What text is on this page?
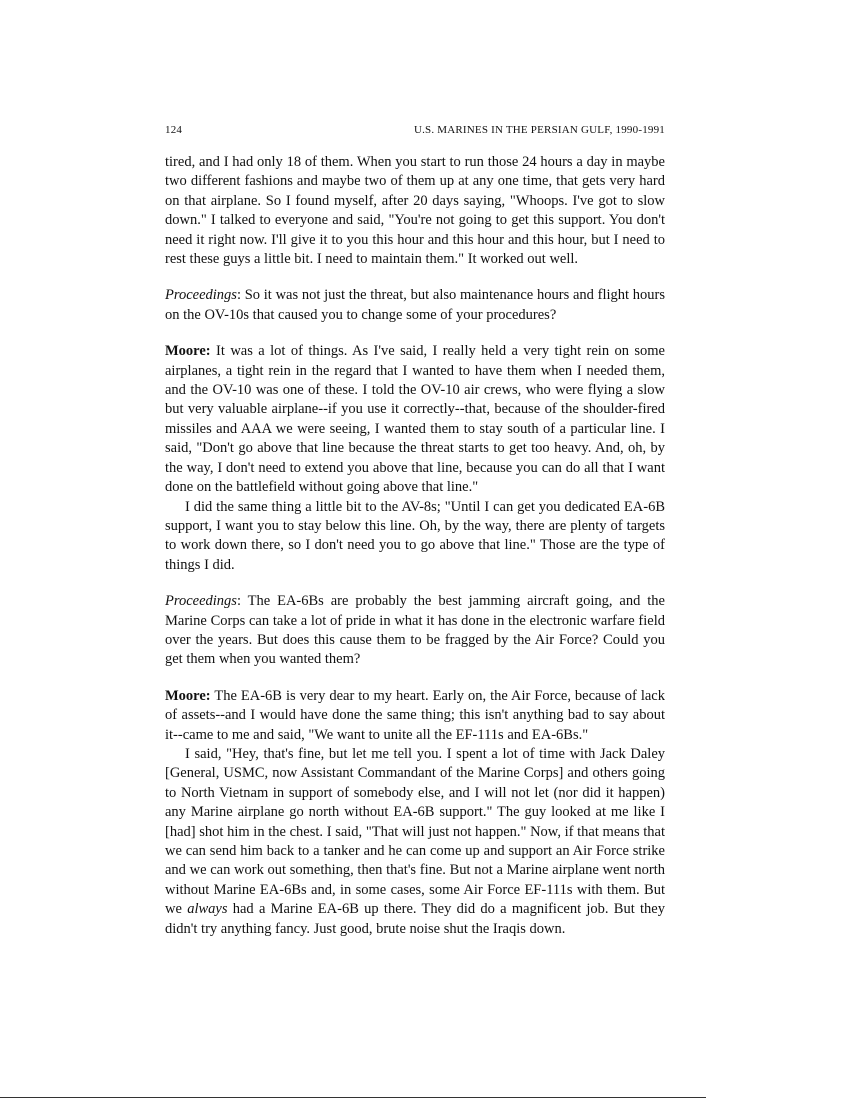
124	U.S. MARINES IN THE PERSIAN GULF, 1990-1991

tired, and I had only 18 of them. When you start to run those 24 hours a day in maybe two different fashions and maybe two of them up at any one time, that gets very hard on that airplane. So I found myself, after 20 days saying, "Whoops. I've got to slow down." I talked to everyone and said, "You're not going to get this support. You don't need it right now. I'll give it to you this hour and this hour and this hour, but I need to rest these guys a little bit. I need to maintain them." It worked out well.

Proceedings: So it was not just the threat, but also maintenance hours and flight hours on the OV-10s that caused you to change some of your procedures?

Moore: It was a lot of things. As I've said, I really held a very tight rein on some airplanes, a tight rein in the regard that I wanted to have them when I needed them, and the OV-10 was one of these. I told the OV-10 air crews, who were flying a slow but very valuable airplane--if you use it correctly--that, because of the shoulder-fired missiles and AAA we were seeing, I wanted them to stay south of a particular line. I said, "Don't go above that line because the threat starts to get too heavy. And, oh, by the way, I don't need to extend you above that line, because you can do all that I want done on the battlefield without going above that line."

I did the same thing a little bit to the AV-8s; "Until I can get you dedicated EA-6B support, I want you to stay below this line. Oh, by the way, there are plenty of targets to work down there, so I don't need you to go above that line." Those are the type of things I did.

Proceedings: The EA-6Bs are probably the best jamming aircraft going, and the Marine Corps can take a lot of pride in what it has done in the electronic warfare field over the years. But does this cause them to be fragged by the Air Force? Could you get them when you wanted them?

Moore: The EA-6B is very dear to my heart. Early on, the Air Force, because of lack of assets--and I would have done the same thing; this isn't anything bad to say about it--came to me and said, "We want to unite all the EF-111s and EA-6Bs."

I said, "Hey, that's fine, but let me tell you. I spent a lot of time with Jack Daley [General, USMC, now Assistant Commandant of the Marine Corps] and others going to North Vietnam in support of somebody else, and I will not let (nor did it happen) any Marine airplane go north without EA-6B support." The guy looked at me like I [had] shot him in the chest. I said, "That will just not happen." Now, if that means that we can send him back to a tanker and he can come up and support an Air Force strike and we can work out something, then that's fine. But not a Marine airplane went north without Marine EA-6Bs and, in some cases, some Air Force EF-111s with them. But we always had a Marine EA-6B up there. They did do a magnificent job. But they didn't try anything fancy. Just good, brute noise shut the Iraqis down.
